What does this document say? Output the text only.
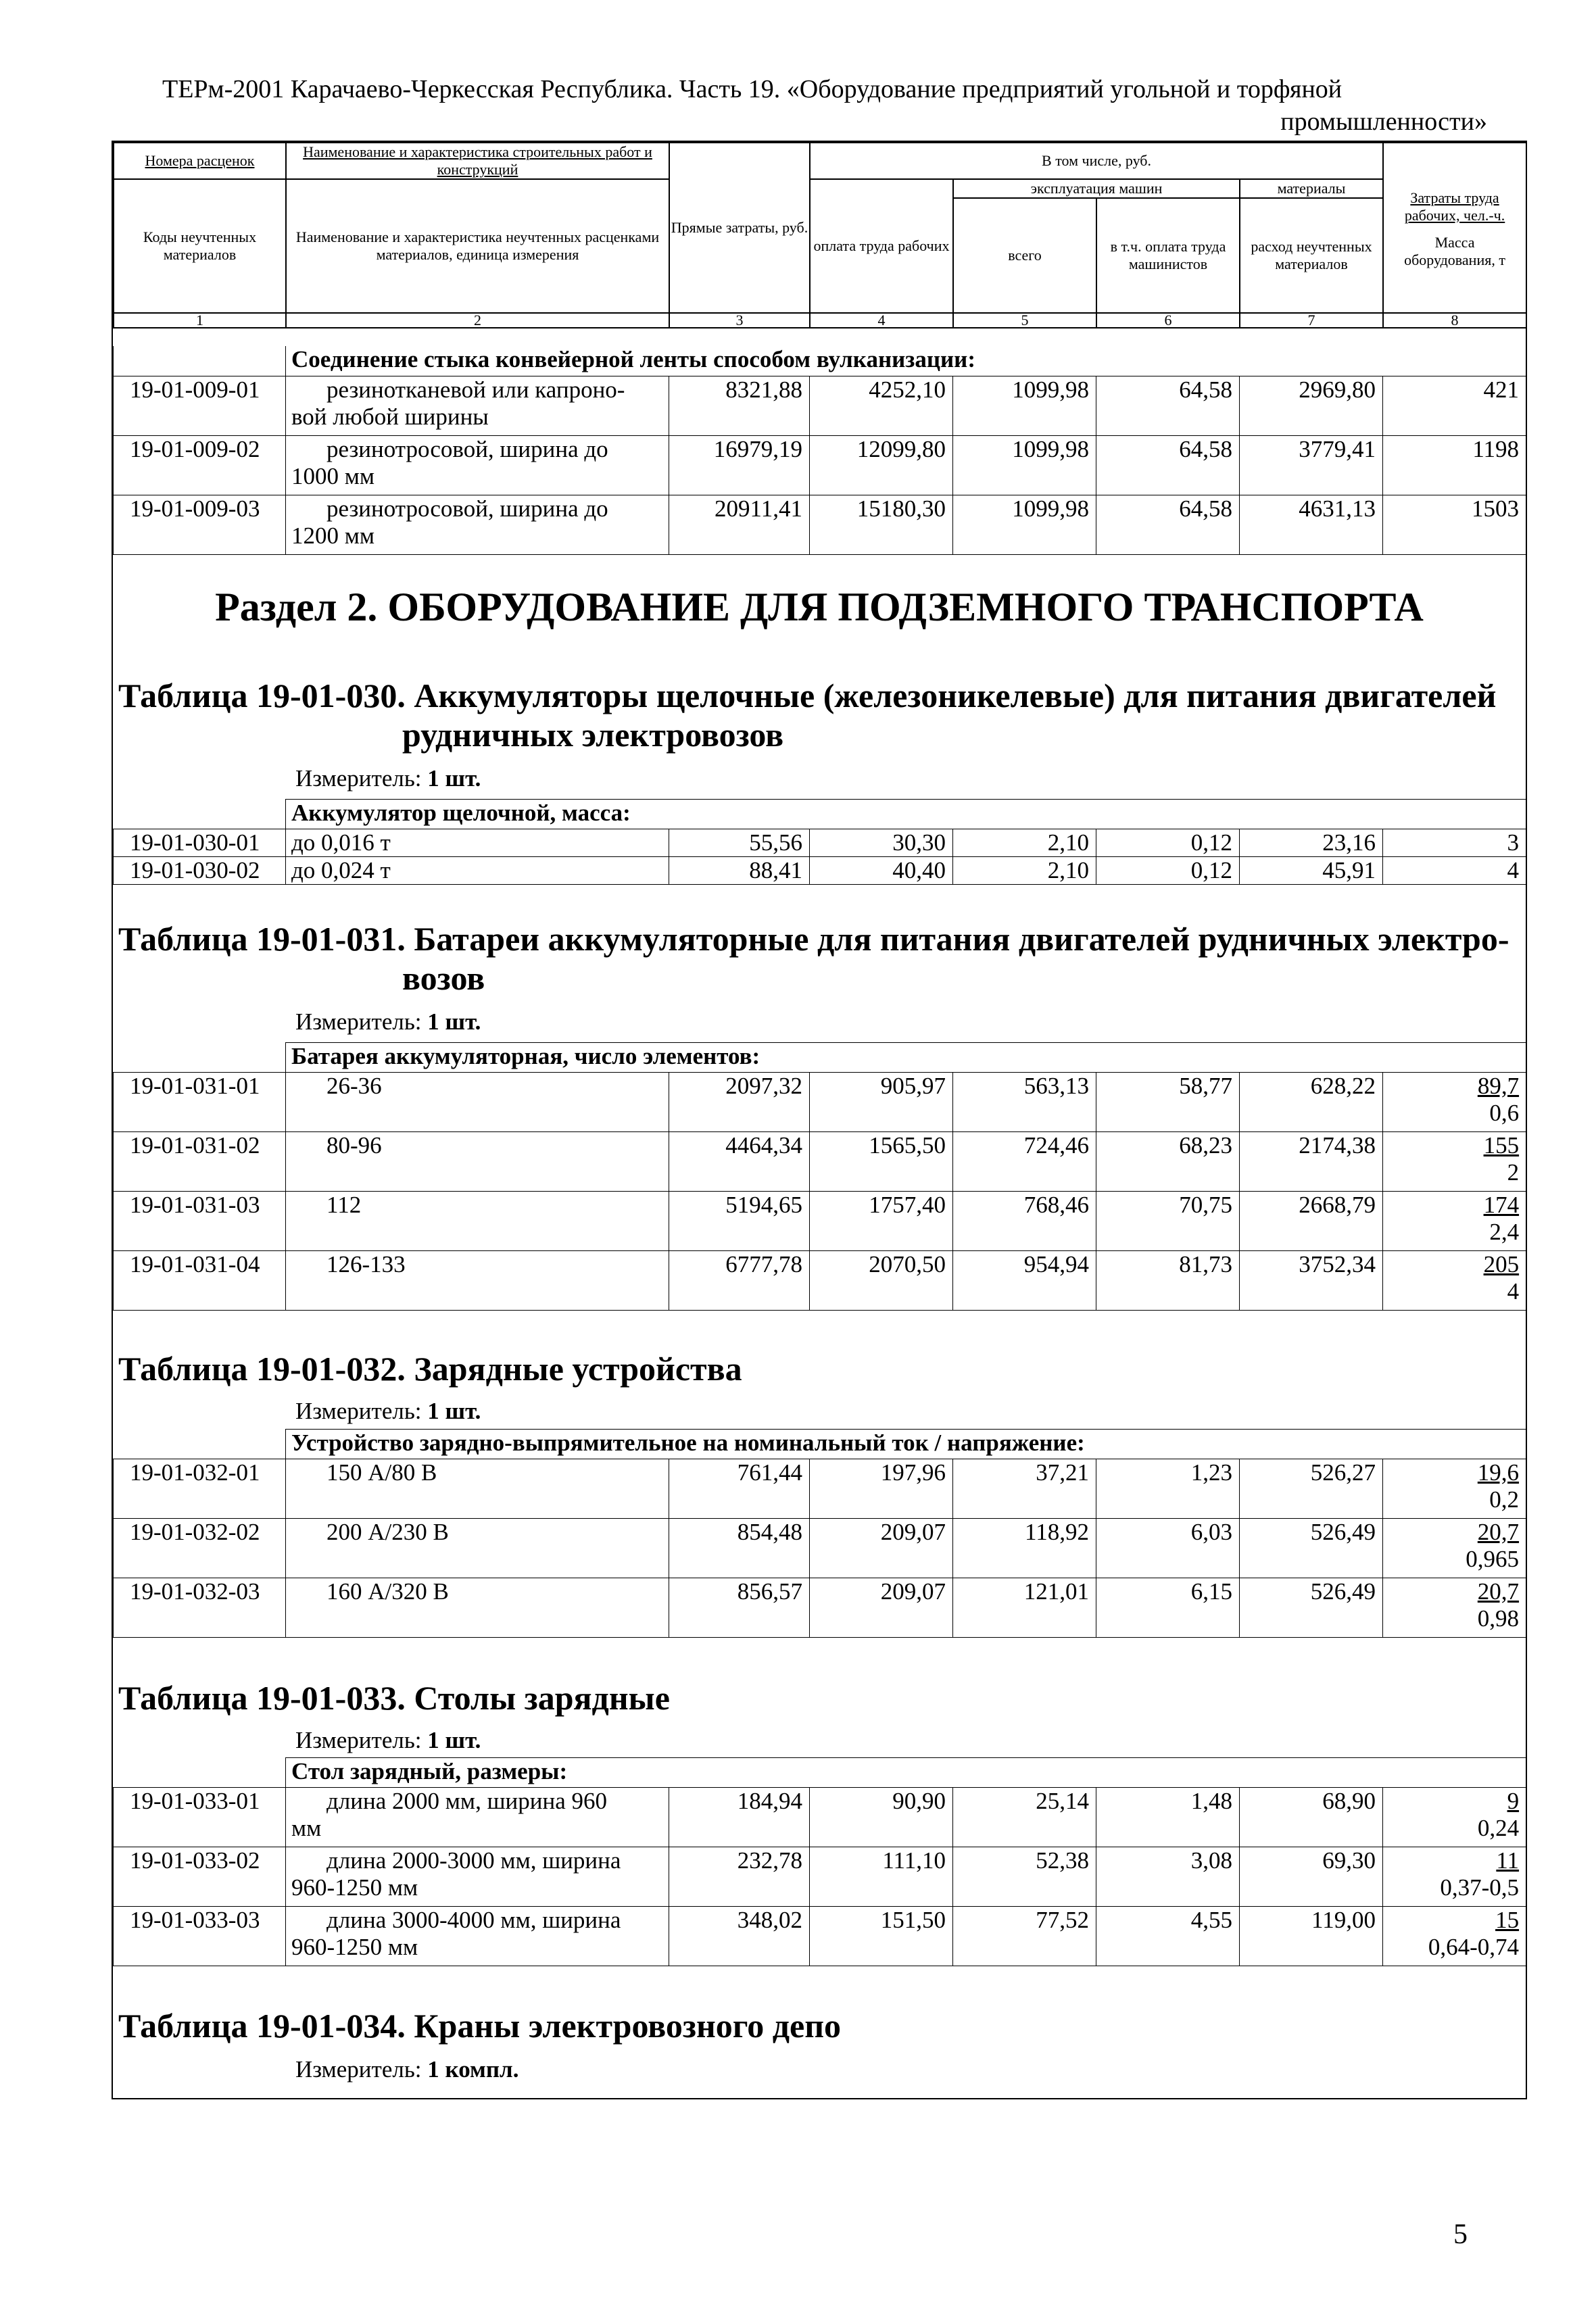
ТЕРм-2001 Карачаево-Черкесская Республика. Часть 19. «Оборудование предприятий угольной и торфяной
промышленности»
Номера расценок	Наименование и характеристика строительных работ и конструкций	Прямые затраты, руб.	В том числе, руб.				Затраты труда рабочих, чел.-ч.
Масса оборудования, т

Коды неучтенных материалов	Наименование и характеристика неучтенных расценками материалов, единица измерения		оплата труда рабочих	эксплуатация машин		материалы	
				всего	в т.ч. оплата труда машинистов	расход неучтенных материалов	
1	2	3	4	5	6	7	8
	Соединение стыка конвейерной ленты способом вулканизации:						
19-01-009-01	резинотканевой или капроно-
вой любой ширины	8321,88	4252,10	1099,98	64,58	2969,80	421
19-01-009-02	резинотросовой, ширина до
1000 мм	16979,19	12099,80	1099,98	64,58	3779,41	1198
19-01-009-03	резинотросовой, ширина до
1200 мм	20911,41	15180,30	1099,98	64,58	4631,13	1503
Раздел 2. ОБОРУДОВАНИЕ ДЛЯ ПОДЗЕМНОГО ТРАНСПОРТА
Таблица 19-01-030. Аккумуляторы щелочные (железоникелевые) для питания двигателей
рудничных электровозов
Измеритель: 1 шт.
	Аккумулятор щелочной, масса:						
19-01-030-01	до 0,016 т	55,56	30,30	2,10	0,12	23,16	3
19-01-030-02	до 0,024 т	88,41	40,40	2,10	0,12	45,91	4
Таблица 19-01-031. Батареи аккумуляторные для питания двигателей рудничных электро-
возов
Измеритель: 1 шт.
	Батарея аккумуляторная, число элементов:						
19-01-031-01	26-36	2097,32	905,97	563,13	58,77	628,22	$\frac{89,7}{0,6}$

19-01-031-02	80-96	4464,34	1565,50	724,46	68,23	2174,38	$\frac{155}{2}$

19-01-031-03	112	5194,65	1757,40	768,46	70,75	2668,79	$\frac{174}{2,4}$

19-01-031-04	126-133	6777,78	2070,50	954,94	81,73	3752,34	$\frac{205}{4}$
Таблица 19-01-032. Зарядные устройства
Измеритель: 1 шт.
	Устройство зарядно-выпрямительное на номинальный ток / напряжение:						
19-01-032-01	150 А/80 В	761,44	197,96	37,21	1,23	526,27	$\frac{19,6}{0,2}$

19-01-032-02	200 А/230 В	854,48	209,07	118,92	6,03	526,49	$\frac{20,7}{0,965}$

19-01-032-03	160 А/320 В	856,57	209,07	121,01	6,15	526,49	$\frac{20,7}{0,98}$
Таблица 19-01-033. Столы зарядные
Измеритель: 1 шт.
	Стол зарядный, размеры:						
19-01-033-01	длина 2000 мм, ширина 960
мм	184,94	90,90	25,14	1,48	68,90	$\frac{9}{0,24}$

19-01-033-02	длина 2000-3000 мм, ширина
960-1250 мм	232,78	111,10	52,38	3,08	69,30	$\frac{11}{0,37-0,5}$

19-01-033-03	длина 3000-4000 мм, ширина
960-1250 мм	348,02	151,50	77,52	4,55	119,00	$\frac{15}{0,64-0,74}$
Таблица 19-01-034. Краны электровозного депо
Измеритель: 1 компл.
5
